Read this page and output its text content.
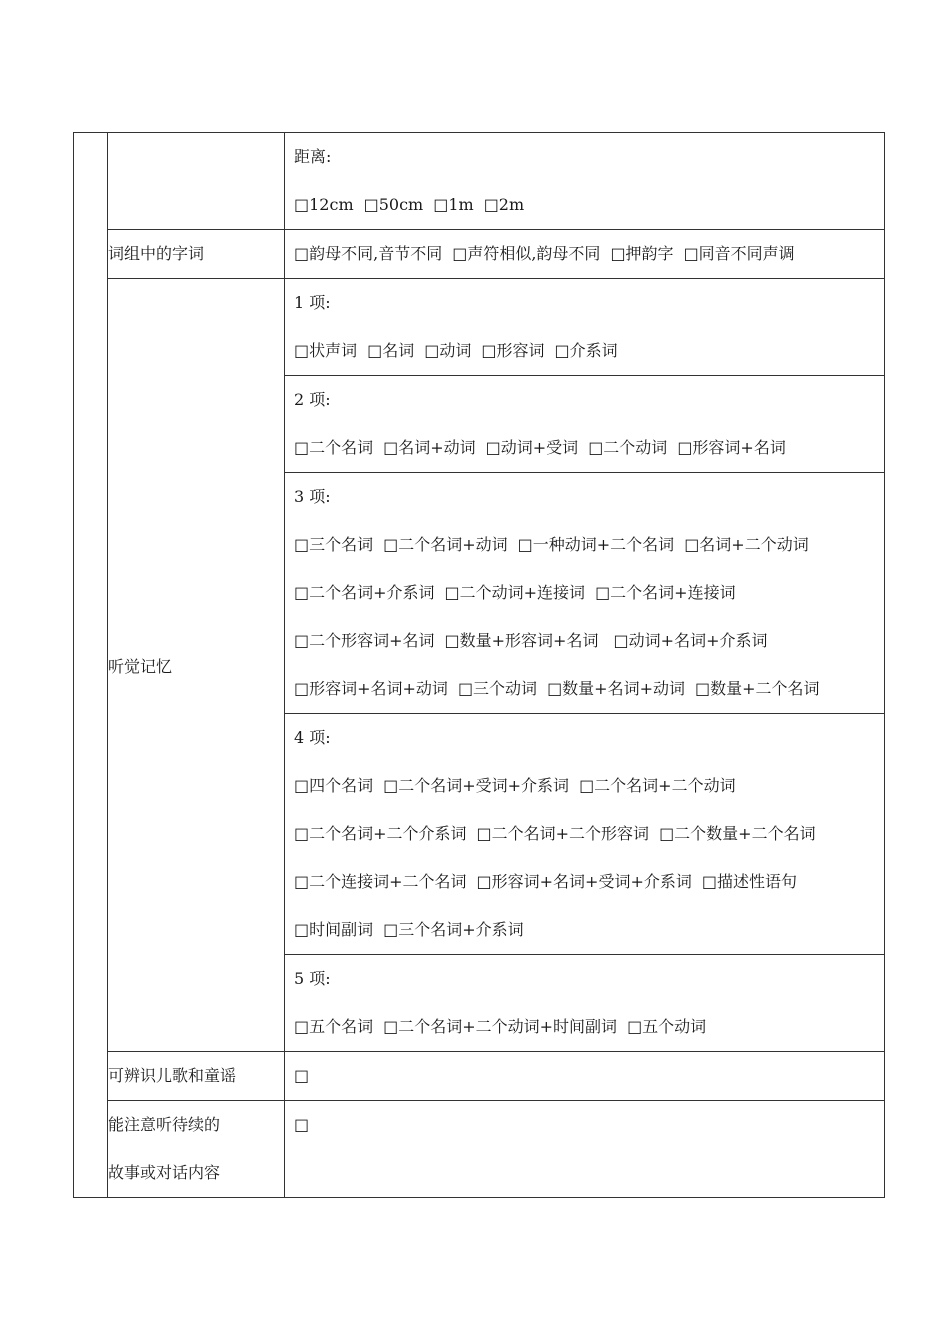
		距离:
□12cm □50cm □1m □2m

	词组中的字词	□韵母不同,音节不同 □声符相似,韵母不同 □押韵字 □同音不同声调

	听觉记忆	1 项:
□状声词 □名词 □动词 □形容词 □介系词

		2 项:
□二个名词 □名词+动词 □动词+受词 □二个动词 □形容词+名词

		3 项:
□三个名词 □二个名词+动词 □一种动词+二个名词 □名词+二个动词
□二个名词+介系词 □二个动词+连接词 □二个名词+连接词
□二个形容词+名词 □数量+形容词+名词 □动词+名词+介系词
□形容词+名词+动词 □三个动词 □数量+名词+动词 □数量+二个名词

		4 项:
□四个名词 □二个名词+受词+介系词 □二个名词+二个动词
□二个名词+二个介系词 □二个名词+二个形容词 □二个数量+二个名词
□二个连接词+二个名词 □形容词+名词+受词+介系词 □描述性语句
□时间副词 □三个名词+介系词

		5 项:
□五个名词 □二个名词+二个动词+时间副词 □五个动词

	可辨识儿歌和童谣	□

	能注意听待续的
故事或对话内容	□
